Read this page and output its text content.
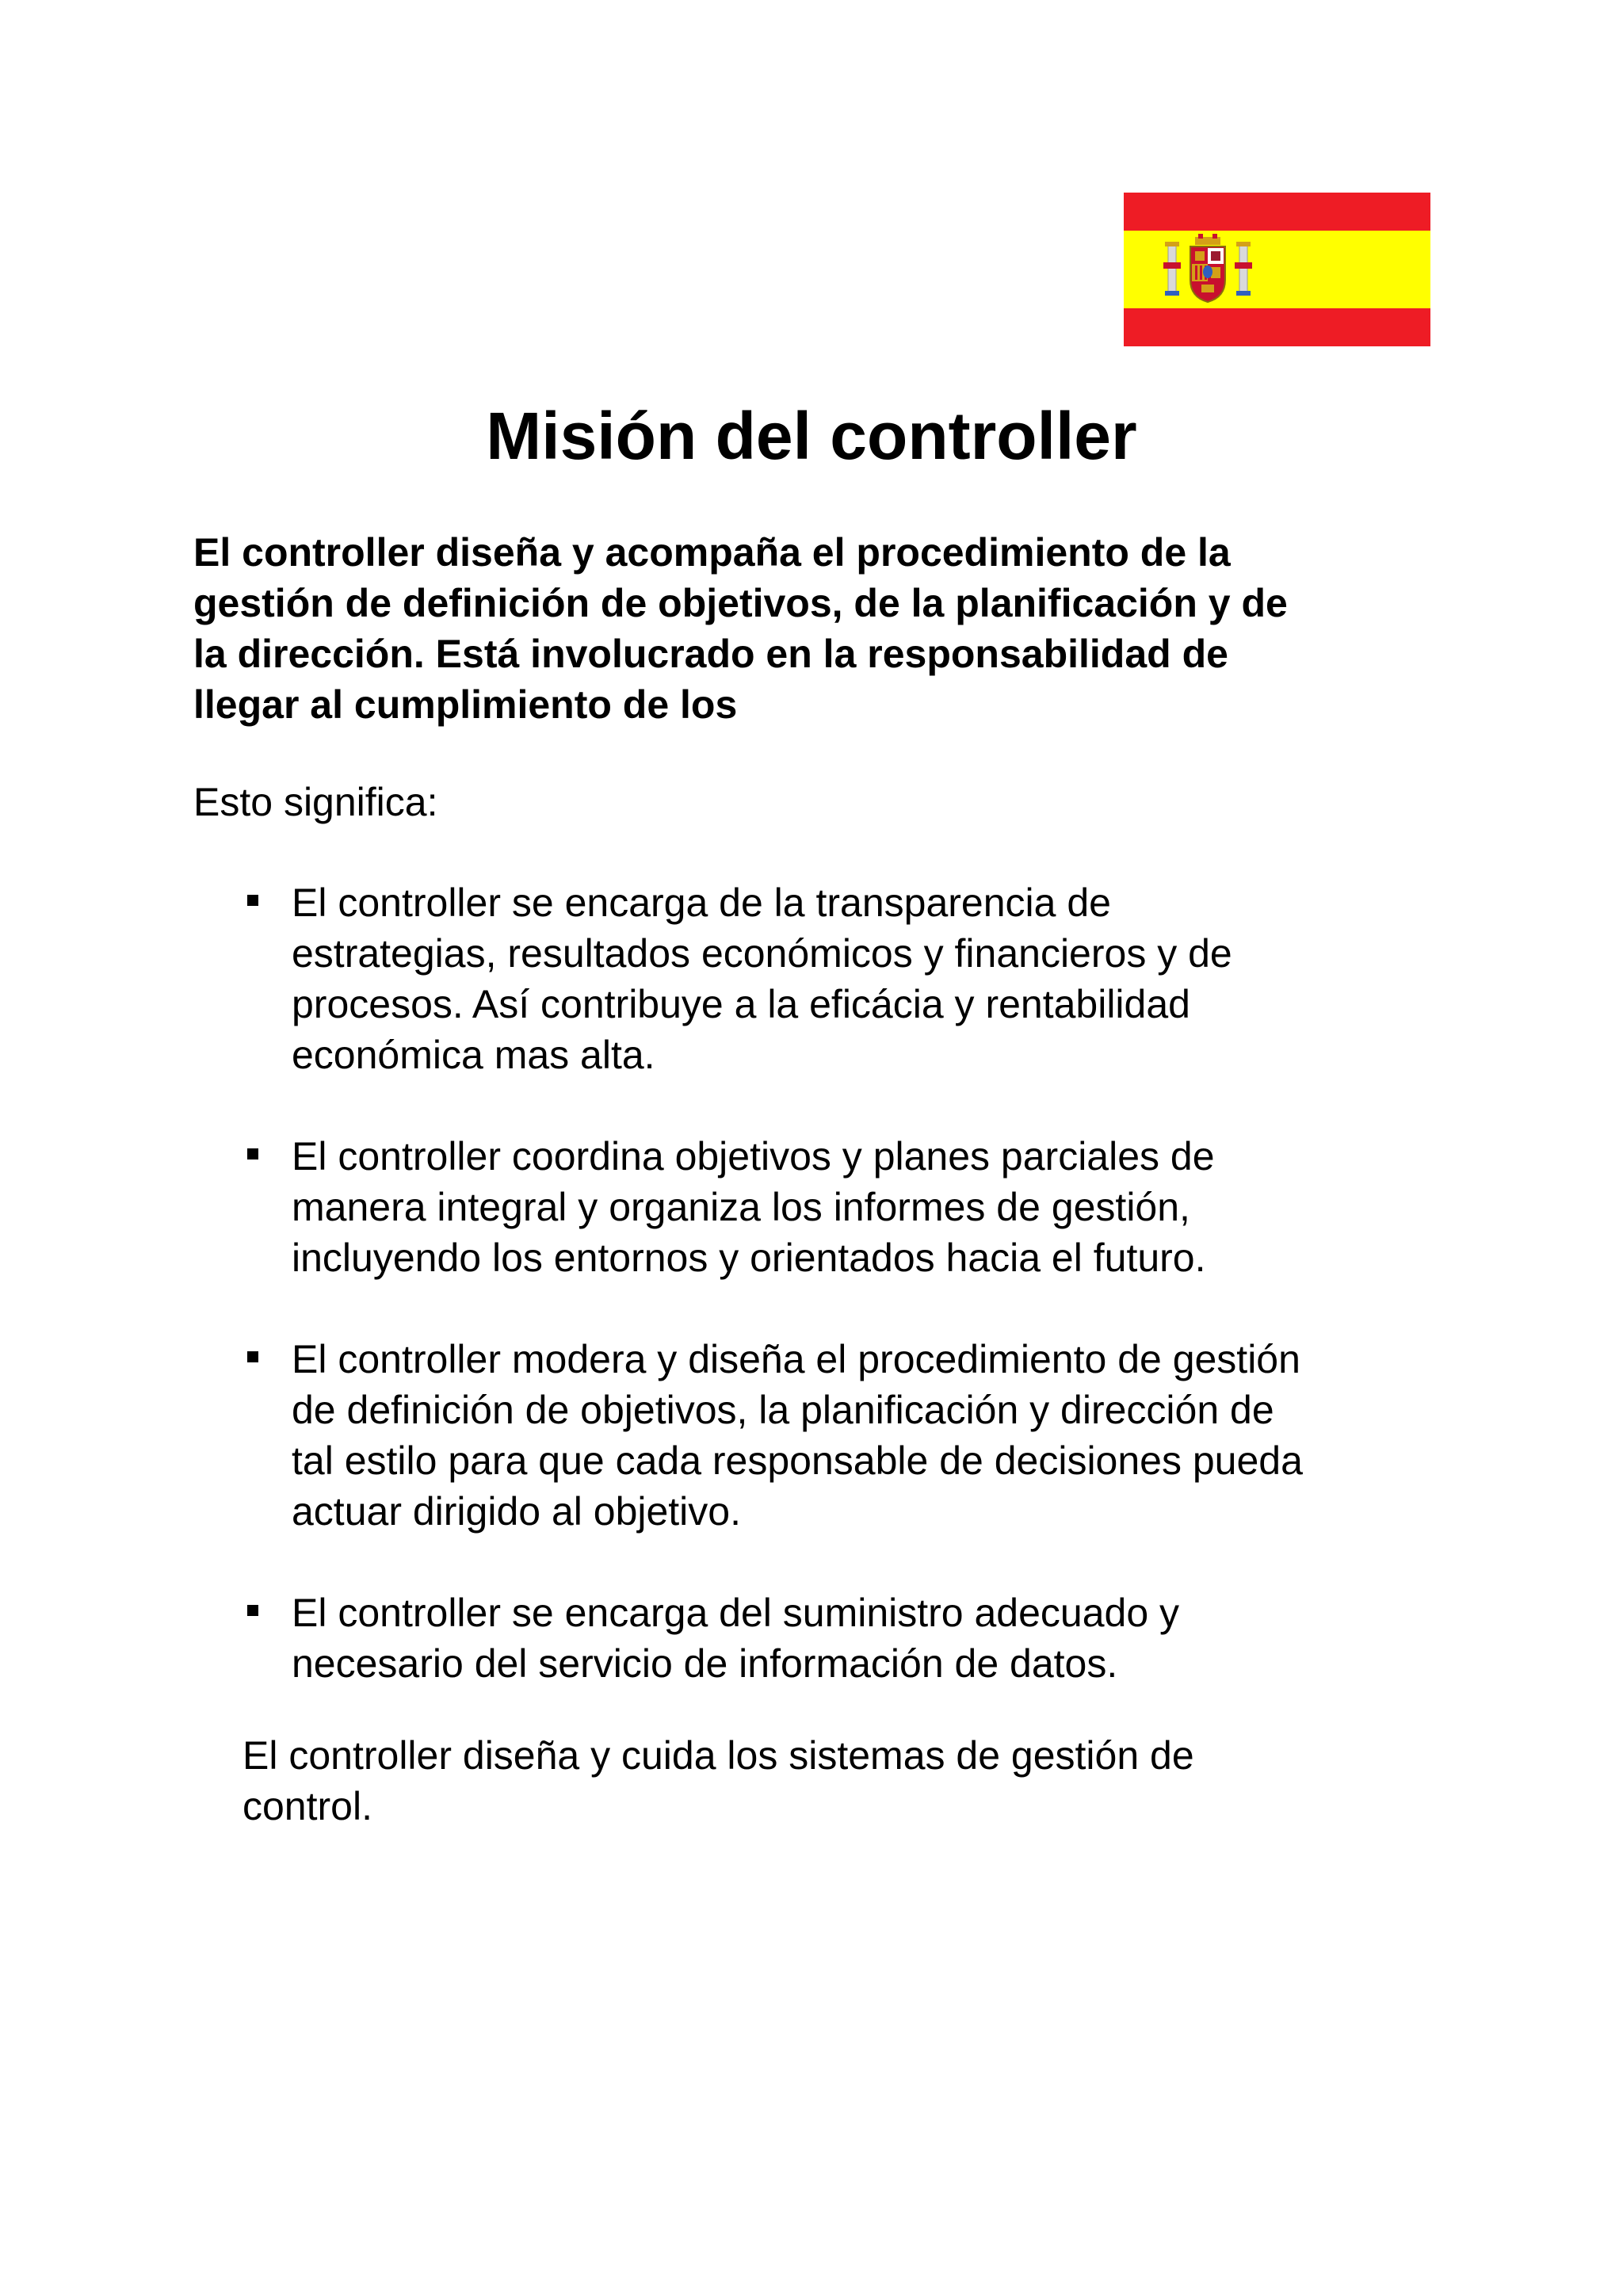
Misión del controller

El controller diseña y acompaña el procedimiento de la
gestión de definición de objetivos, de la planificación y de
la dirección. Está involucrado en la responsabilidad de
llegar al cumplimiento de los

Esto significa:

El controller se encarga de la transparencia de
estrategias, resultados económicos y financieros y de
procesos. Así contribuye a la eficácia y rentabilidad
económica mas alta.
El controller coordina objetivos y planes parciales de
manera integral y organiza los informes de gestión,
incluyendo los entornos y orientados hacia el futuro.
El controller modera y diseña el procedimiento de gestión
de definición de objetivos, la planificación y dirección de
tal estilo para que cada responsable de decisiones pueda
actuar dirigido al objetivo.
El controller se encarga del suministro adecuado y
necesario del servicio de información de datos.

El controller diseña y cuida los sistemas de gestión de
control.
